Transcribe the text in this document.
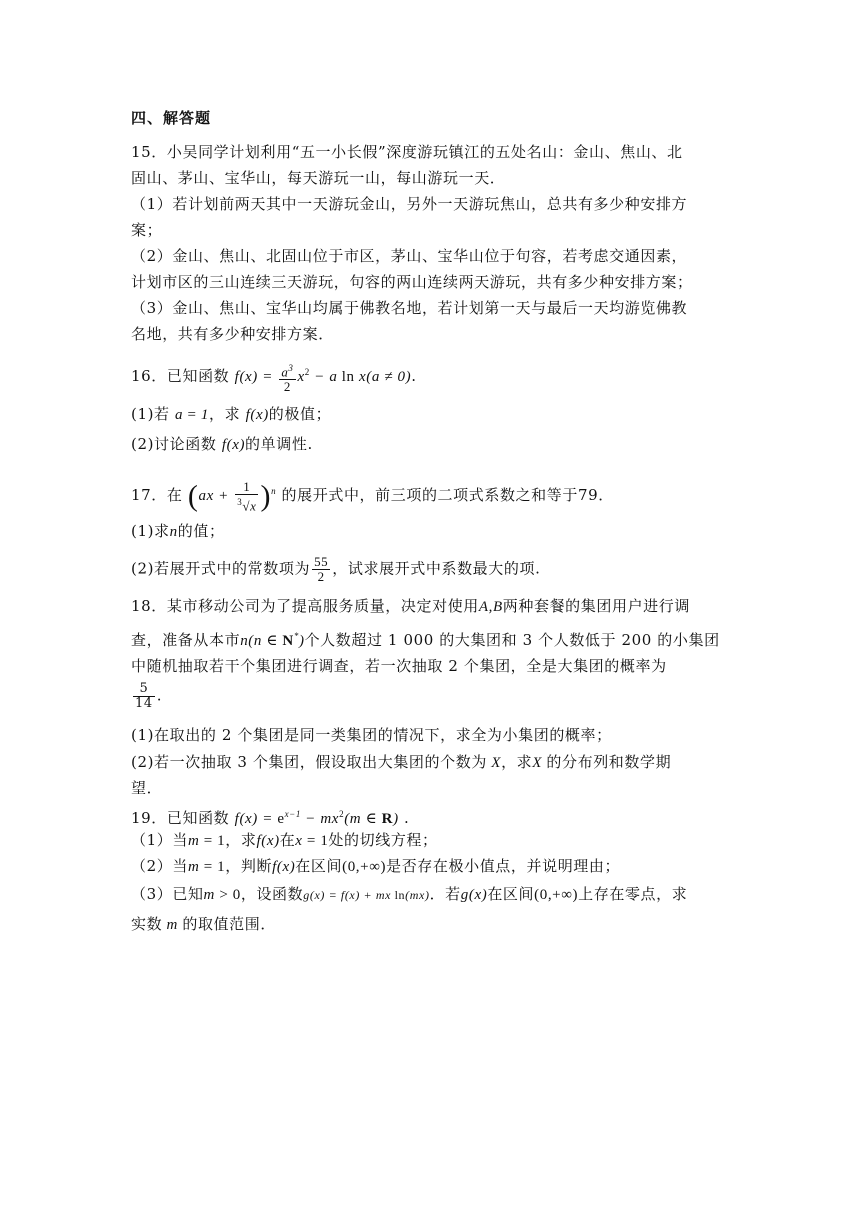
四、解答题
15．小吴同学计划利用“五一小长假”深度游玩镇江的五处名山：金山、焦山、北
固山、茅山、宝华山，每天游玩一山，每山游玩一天．
（1）若计划前两天其中一天游玩金山，另外一天游玩焦山，总共有多少种安排方
案；
（2）金山、焦山、北固山位于市区，茅山、宝华山位于句容，若考虑交通因素，
计划市区的三山连续三天游玩，句容的两山连续两天游玩，共有多少种安排方案；
（3）金山、焦山、宝华山均属于佛教名地，若计划第一天与最后一天均游览佛教
名地，共有多少种安排方案．
16．已知函数 $f(x) = \frac{a^3}{2} x^2 - a$ ln x(a ≠ 0).
(1)若 a = 1，求 f(x)的极值；
(2)讨论函数 f(x)的单调性.
17．在 $(ax + \frac{1}{^3√x} )^n$ 的展开式中，前三项的二项式系数之和等于79．
(1)求n的值；
(2)若展开式中的常数项为 $\frac{55}{2}$ ，试求展开式中系数最大的项.
18．某市移动公司为了提高服务质量，决定对使用A,B两种套餐的集团用户进行调
查，准备从本市n(n ∈ N*)个人数超过 1 000 的大集团和 3 个人数低于 200 的小集团
中随机抽取若干个集团进行调查，若一次抽取 2 个集团，全是大集团的概率为
$\frac{5}{14}$ .
(1)在取出的 2 个集团是同一类集团的情况下，求全为小集团的概率；
(2)若一次抽取 3 个集团，假设取出大集团的个数为 X，求X 的分布列和数学期
望．
19．已知函数 $f(x) = e^{x-1} - mx^2(m$ ∈ R) .
（1）当m = 1，求f(x)在x = 1处的切线方程；
（2）当m = 1，判断f(x)在区间(0,+∞)是否存在极小值点，并说明理由；
（3）已知m > 0，设函数g(x) = f(x) + mx ln(mx)．若g(x)在区间(0,+∞)上存在零点，求
实数 m 的取值范围．
